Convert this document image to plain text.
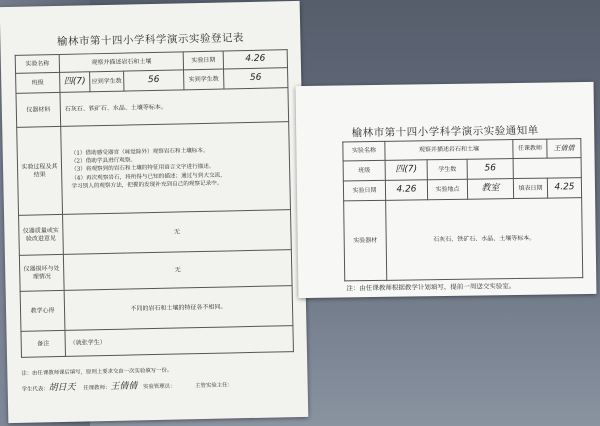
榆林市第十四小学科学演示实验登记表
实验名称	观察并描述岩石和土壤			实验日期	4.26
班级	四(7)	应到学生数	56	实到学生数	56
仪器材料	石灰石、铁矿石、水晶、土壤等标本。				
实验过程及其结果	（1）借助感受器官（味觉除外）观察岩石和土壤标本。
（2）借助学具进行观察。
（3）将观察到的岩石和土壤的特征用语言文字进行描述。
（4）再次观察岩石，将所得与已知的描述；通过与到大交流，
学习别人的观察方法，把握的发现补充到自己的观察记录中。				

仪器质量或实验改进意见	无				
仪器损坏与处理情况	无				
教学心得	不同的岩石和土壤的特征各不相同。				
备注	（就张学生）				
注：由任课教师课后填写，原则上要求交由一次实验填写一份。
学生代表：胡日天 任课教师：王倩倩 实验管理员：	主管实验主任：
榆林市第十四小学科学演示实验通知单
实验名称	观察并描述岩石和土壤			任课教师	王倩倩
班级	四(7)	学生数	56		
实验日期	4.26	实验地点	教室	填表日期	4.25
实验器材	石灰石、铁矿石、水晶、土壤等标本。				
注：由任课教师根据教学计划填写，提前一周送交实验室。
